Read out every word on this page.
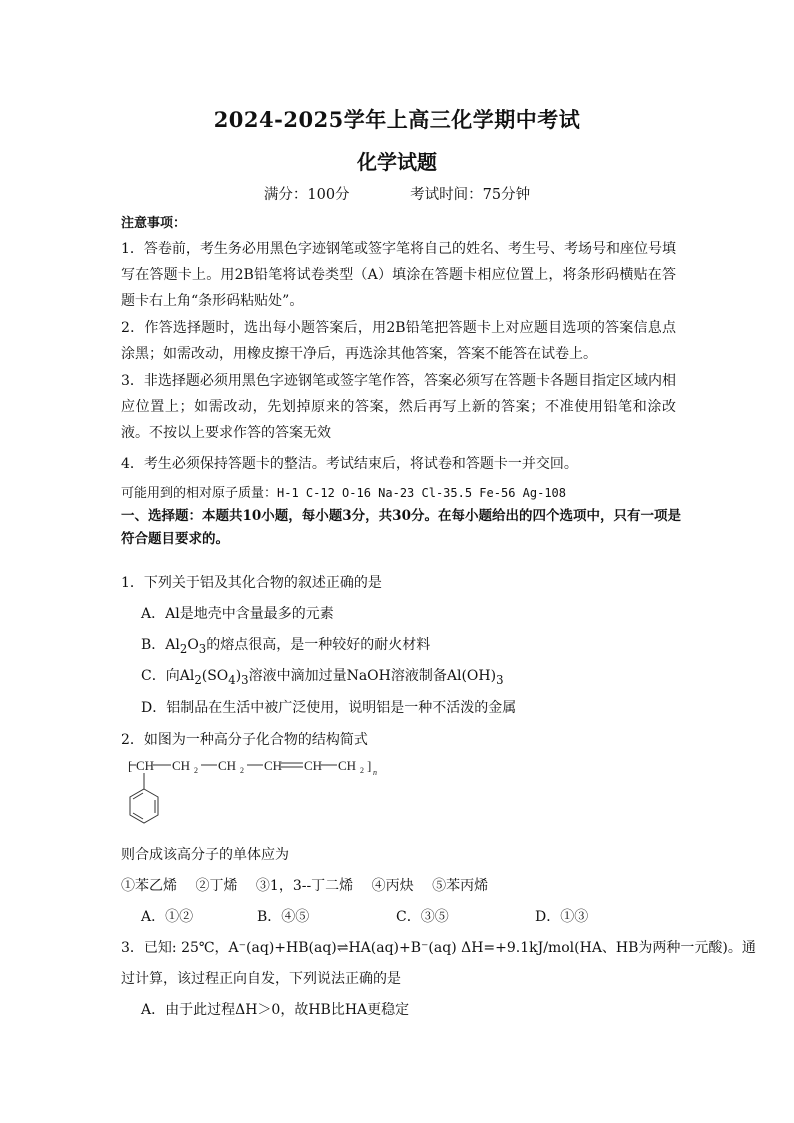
2024-2025学年上高三化学期中考试
化学试题
满分：100分	考试时间：75分钟
注意事项：
1．答卷前，考生务必用黑色字迹钢笔或签字笔将自己的姓名、考生号、考场号和座位号填写在答题卡上。用2B铅笔将试卷类型（A）填涂在答题卡相应位置上，将条形码横贴在答题卡右上角“条形码粘贴处”。
2．作答选择题时，选出每小题答案后，用2B铅笔把答题卡上对应题目选项的答案信息点涂黑；如需改动，用橡皮擦干净后，再选涂其他答案，答案不能答在试卷上。
3．非选择题必须用黑色字迹钢笔或签字笔作答，答案必须写在答题卡各题目指定区域内相应位置上；如需改动，先划掉原来的答案，然后再写上新的答案；不准使用铅笔和涂改液。不按以上要求作答的答案无效
4．考生必须保持答题卡的整洁。考试结束后，将试卷和答题卡一并交回。
可能用到的相对原子质量：H-1 C-12 O-16 Na-23 Cl-35.5 Fe-56 Ag-108
一、选择题：本题共10小题，每小题3分，共30分。在每小题给出的四个选项中，只有一项是符合题目要求的。
1．下列关于铝及其化合物的叙述正确的是
A．Al是地壳中含量最多的元素
B．$Al_2O_3$的熔点很高，是一种较好的耐火材料
C．向$Al_2(SO_4)_3$溶液中滴加过量NaOH溶液制备$Al(OH)_3$
D．铝制品在生活中被广泛使用，说明铝是一种不活泼的金属
2．如图为一种高分子化合物的结构简式
[ CH CH 2 CH 2 CH CH CH 2 ] n
则合成该高分子的单体应为
①苯乙烯 ②丁烯 ③1，3--丁二烯 ④丙炔 ⑤苯丙烯
A．①②	B．④⑤	C．③⑤	D．①③
3．已知: 25℃，A⁻(aq)+HB(aq)⇌HA(aq)+B⁻(aq) ΔH=+9.1kJ/mol(HA、HB为两种一元酸)。通
过计算，该过程正向自发，下列说法正确的是
A．由于此过程ΔH＞0，故HB比HA更稳定
